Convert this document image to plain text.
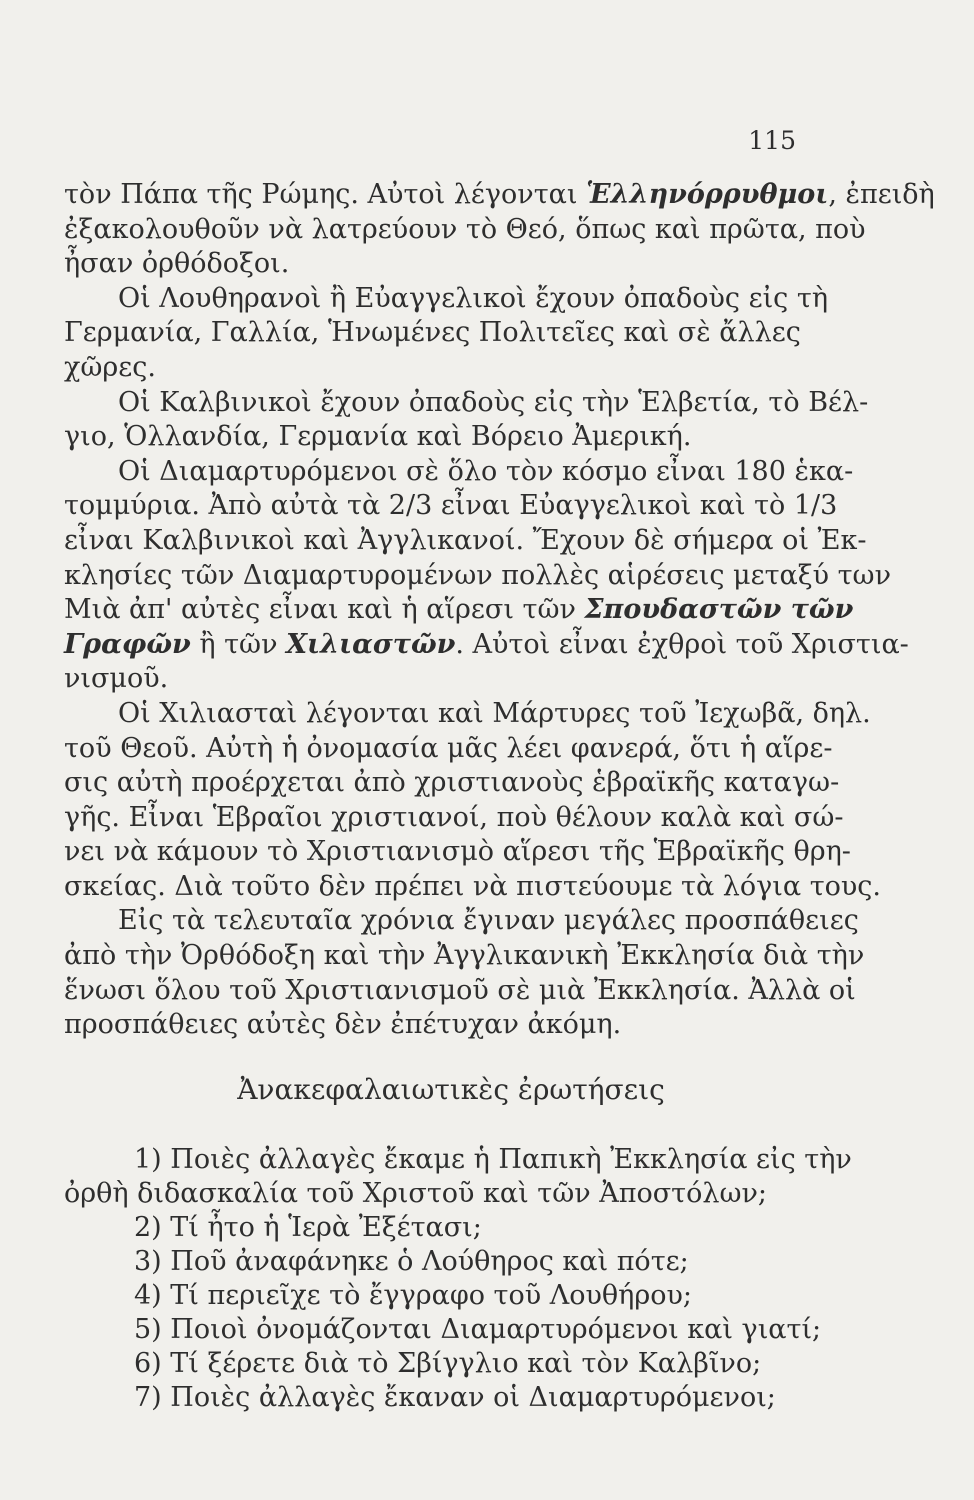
115
τὸν Πάπα τῆς Ρώμης. Αὐτοὶ λέγονται Ἑλληνόρρυθμοι, ἐπειδὴ
ἐξακολουθοῦν νὰ λατρεύουν τὸ Θεό, ὅπως καὶ πρῶτα, ποὺ
ἦσαν ὀρθόδοξοι.
Οἱ Λουθηρανοὶ ἢ Εὐαγγελικοὶ ἔχουν ὀπαδοὺς εἰς τὴ
Γερμανία, Γαλλία, Ἡνωμένες Πολιτεῖες καὶ σὲ ἄλλες
χῶρες.
Οἱ Καλβινικοὶ ἔχουν ὀπαδοὺς εἰς τὴν Ἑλβετία, τὸ Βέλ-
γιο, Ὁλλανδία, Γερμανία καὶ Βόρειο Ἀμερική.
Οἱ Διαμαρτυρόμενοι σὲ ὅλο τὸν κόσμο εἶναι 180 ἑκα-
τομμύρια. Ἀπὸ αὐτὰ τὰ 2/3 εἶναι Εὐαγγελικοὶ καὶ τὸ 1/3
εἶναι Καλβινικοὶ καὶ Ἀγγλικανοί. Ἔχουν δὲ σήμερα οἱ Ἐκ-
κλησίες τῶν Διαμαρτυρομένων πολλὲς αἱρέσεις μεταξύ των
Μιὰ ἀπ' αὐτὲς εἶναι καὶ ἡ αἵρεσι τῶν Σπουδαστῶν τῶν
Γραφῶν ἢ τῶν Χιλιαστῶν. Αὐτοὶ εἶναι ἐχθροὶ τοῦ Χριστια-
νισμοῦ.
Οἱ Χιλιασταὶ λέγονται καὶ Μάρτυρες τοῦ Ἰεχωβᾶ, δηλ.
τοῦ Θεοῦ. Αὐτὴ ἡ ὀνομασία μᾶς λέει φανερά, ὅτι ἡ αἵρε-
σις αὐτὴ προέρχεται ἀπὸ χριστιανοὺς ἑβραϊκῆς καταγω-
γῆς. Εἶναι Ἑβραῖοι χριστιανοί, ποὺ θέλουν καλὰ καὶ σώ-
νει νὰ κάμουν τὸ Χριστιανισμὸ αἵρεσι τῆς Ἑβραϊκῆς θρη-
σκείας. Διὰ τοῦτο δὲν πρέπει νὰ πιστεύουμε τὰ λόγια τους.
Εἰς τὰ τελευταῖα χρόνια ἔγιναν μεγάλες προσπάθειες
ἀπὸ τὴν Ὀρθόδοξη καὶ τὴν Ἀγγλικανικὴ Ἐκκλησία διὰ τὴν
ἕνωσι ὅλου τοῦ Χριστιανισμοῦ σὲ μιὰ Ἐκκλησία. Ἀλλὰ οἱ
προσπάθειες αὐτὲς δὲν ἐπέτυχαν ἀκόμη.
Ἀνακεφαλαιωτικὲς ἐρωτήσεις
1) Ποιὲς ἀλλαγὲς ἔκαμε ἡ Παπικὴ Ἐκκλησία εἰς τὴν
ὀρθὴ διδασκαλία τοῦ Χριστοῦ καὶ τῶν Ἀποστόλων;
2) Τί ἦτο ἡ Ἱερὰ Ἐξέτασι;
3) Ποῦ ἀναφάνηκε ὁ Λούθηρος καὶ πότε;
4) Τί περιεῖχε τὸ ἔγγραφο τοῦ Λουθήρου;
5) Ποιοὶ ὀνομάζονται Διαμαρτυρόμενοι καὶ γιατί;
6) Τί ξέρετε διὰ τὸ Σβίγγλιο καὶ τὸν Καλβῖνο;
7) Ποιὲς ἀλλαγὲς ἔκαναν οἱ Διαμαρτυρόμενοι;
